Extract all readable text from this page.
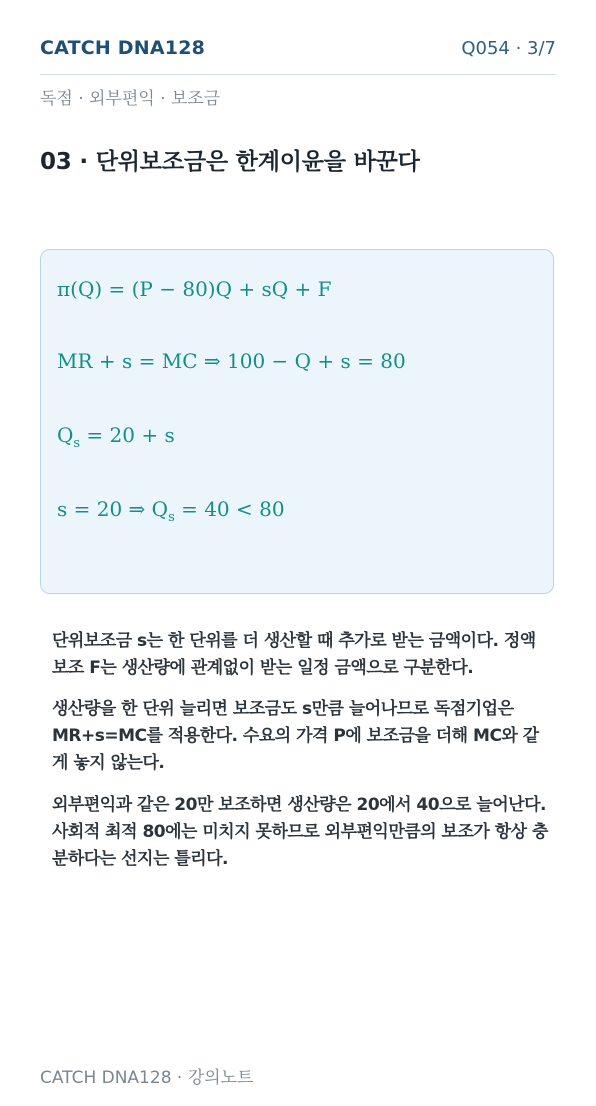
CATCH DNA128	Q054 · 3/7
독점 · 외부편익 · 보조금
03 · 단위보조금은 한계이윤을 바꾼다
π(Q) = (P − 80)Q + sQ + F
MR + s = MC ⇒ 100 − Q + s = 80
$Q_s = 20 + s$
s = 20 ⇒ $Q_s = 40 < 80$

단위보조금 s는 한 단위를 더 생산할 때 추가로 받는 금액이다. 정액보조 F는 생산량에 관계없이 받는 일정 금액으로 구분한다.

생산량을 한 단위 늘리면 보조금도 s만큼 늘어나므로 독점기업은 MR+s=MC를 적용한다. 수요의 가격 P에 보조금을 더해 MC와 같게 놓지 않는다.

외부편익과 같은 20만 보조하면 생산량은 20에서 40으로 늘어난다. 사회적 최적 80에는 미치지 못하므로 외부편익만큼의 보조가 항상 충분하다는 선지는 틀리다.

CATCH DNA128 · 강의노트
